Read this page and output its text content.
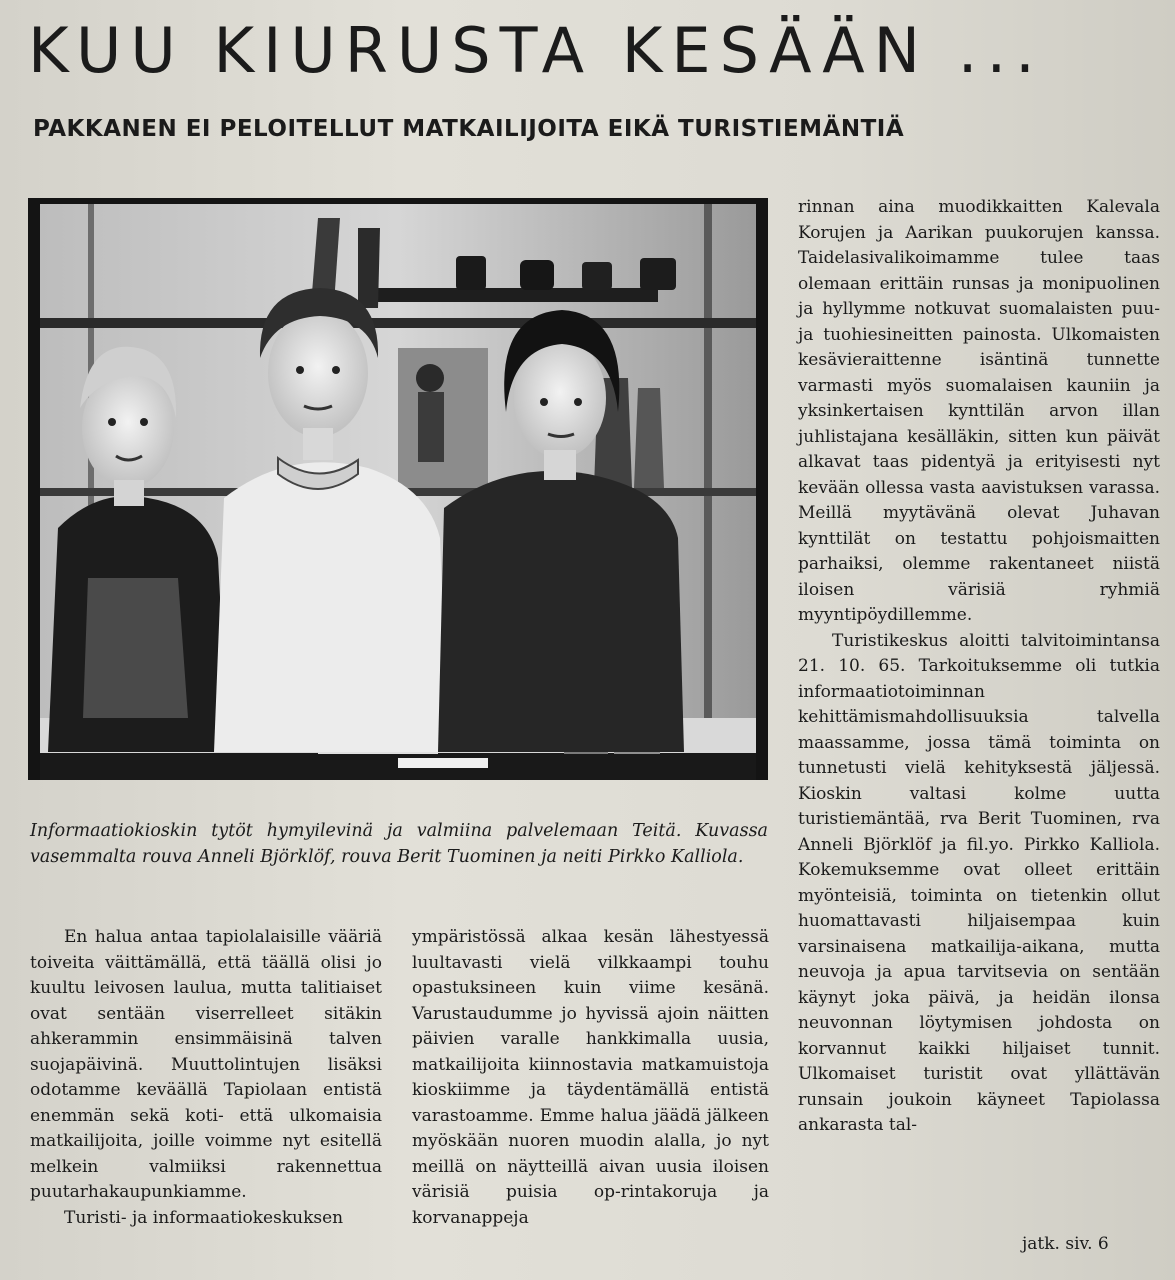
KUU KIURUSTA KESÄÄN ...
PAKKANEN EI PELOITELLUT MATKAILIJOITA EIKÄ TURISTIEMÄNTIÄ
Informaatiokioskin tytöt hymyilevinä ja valmiina palvelemaan Teitä. Kuvassa vasemmalta rouva Anneli Björklöf, rouva Berit Tuominen ja neiti Pirkko Kalliola.

rinnan aina muodikkaitten Kalevala Korujen ja Aarikan puukorujen kanssa. Taidelasivalikoimamme tulee taas olemaan erittäin runsas ja monipuolinen ja hyllymme notkuvat suomalaisten puu- ja tuohiesineitten painosta. Ulkomaisten kesävieraittenne isäntinä tunnette varmasti myös suomalaisen kauniin ja yksinkertaisen kynttilän arvon illan juhlistajana kesälläkin, sitten kun päivät alkavat taas pidentyä ja erityisesti nyt kevään ollessa vasta aavistuksen varassa. Meillä myytävänä olevat Juhavan kynttilät on testattu pohjoismaitten parhaiksi, olemme rakentaneet niistä iloisen värisiä ryhmiä myyntipöydillemme.

Turistikeskus aloitti talvitoimintansa 21. 10. 65. Tarkoituksemme oli tutkia informaatiotoiminnan kehittämismahdollisuuksia talvella maassamme, jossa tämä toiminta on tunnetusti vielä kehityksestä jäljessä. Kioskin valtasi kolme uutta turistiemäntää, rva Berit Tuominen, rva Anneli Björklöf ja fil.yo. Pirkko Kalliola. Kokemuksemme ovat olleet erittäin myönteisiä, toiminta on tietenkin ollut huomattavasti hiljaisempaa kuin varsinaisena matkailija-aikana, mutta neuvoja ja apua tarvitsevia on sentään käynyt joka päivä, ja heidän ilonsa neuvonnan löytymisen johdosta on korvannut kaikki hiljaiset tunnit. Ulkomaiset turistit ovat yllättävän runsain joukoin käyneet Tapiolassa ankarasta tal-

En halua antaa tapiolalaisille vääriä toiveita väittämällä, että täällä olisi jo kuultu leivosen laulua, mutta talitiaiset ovat sentään viserrelleet sitäkin ahkerammin ensimmäisinä talven suojapäivinä. Muuttolintujen lisäksi odotamme keväällä Tapiolaan entistä enemmän sekä koti- että ulkomaisia matkailijoita, joille voimme nyt esitellä melkein valmiiksi rakennettua puutarhakaupunkiamme.

Turisti- ja informaatiokeskuksen

ympäristössä alkaa kesän lähestyessä luultavasti vielä vilkkaampi touhu opastuksineen kuin viime kesänä. Varustaudumme jo hyvissä ajoin näitten päivien varalle hankkimalla uusia, matkailijoita kiinnostavia matkamuistoja kioskiimme ja täydentämällä entistä varastoamme. Emme halua jäädä jälkeen myöskään nuoren muodin alalla, jo nyt meillä on näytteillä aivan uusia iloisen värisiä puisia op-rintakoruja ja korvanappeja

jatk. siv. 6
